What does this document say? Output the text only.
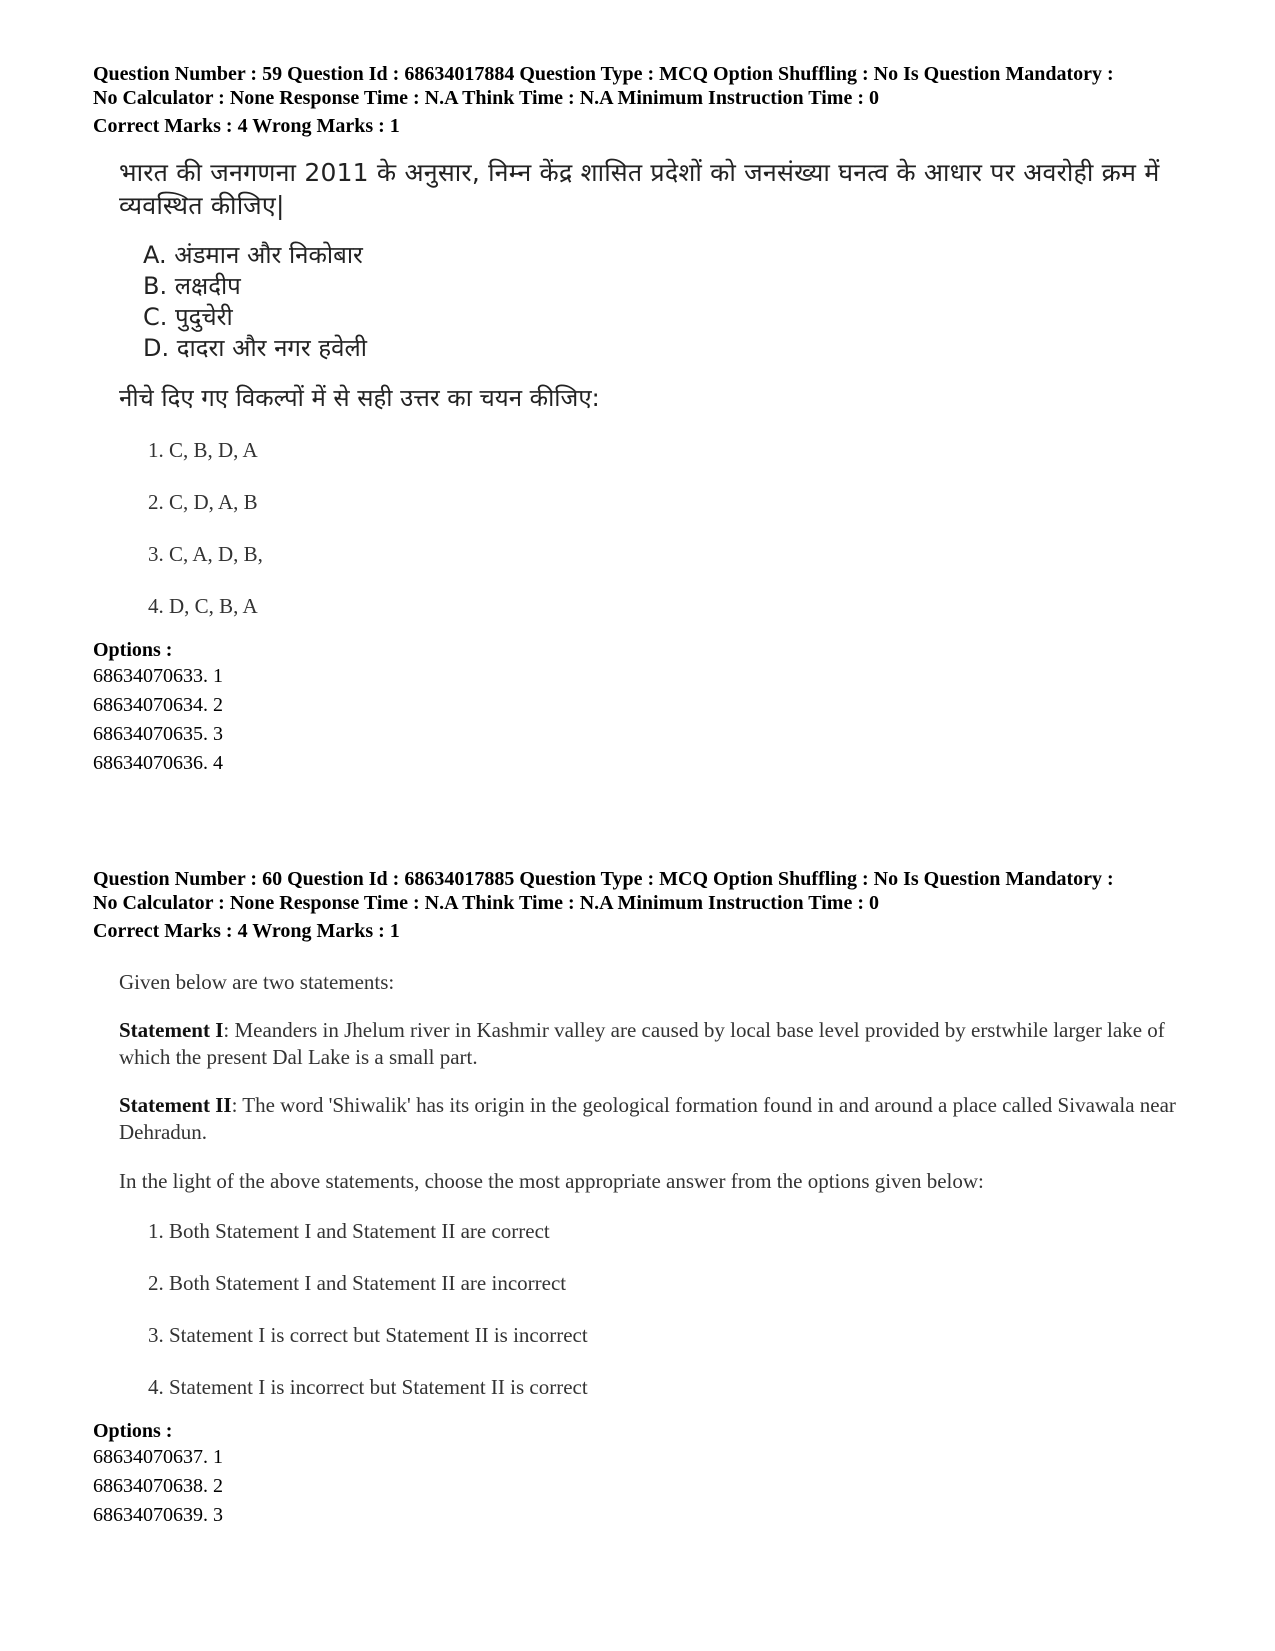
Question Number : 59 Question Id : 68634017884 Question Type : MCQ Option Shuffling : No Is Question Mandatory :
No Calculator : None Response Time : N.A Think Time : N.A Minimum Instruction Time : 0
Correct Marks : 4 Wrong Marks : 1
भारत की जनगणना 2011 के अनुसार, निम्न केंद्र शासित प्रदेशों को जनसंख्या घनत्व के आधार पर अवरोही क्रम में
व्यवस्थित कीजिए|
A. अंडमान और निकोबार
B. लक्षदीप
C. पुदुचेरी
D. दादरा और नगर हवेली
नीचे दिए गए विकल्पों में से सही उत्तर का चयन कीजिए:
1. C, B, D, A
2. C, D, A, B
3. C, A, D, B,
4. D, C, B, A
Options :
68634070633. 1
68634070634. 2
68634070635. 3
68634070636. 4
Question Number : 60 Question Id : 68634017885 Question Type : MCQ Option Shuffling : No Is Question Mandatory :
No Calculator : None Response Time : N.A Think Time : N.A Minimum Instruction Time : 0
Correct Marks : 4 Wrong Marks : 1
Given below are two statements:
Statement I: Meanders in Jhelum river in Kashmir valley are caused by local base level provided by erstwhile larger lake of which the present Dal Lake is a small part.
Statement II: The word 'Shiwalik' has its origin in the geological formation found in and around a place called Sivawala near Dehradun.
In the light of the above statements, choose the most appropriate answer from the options given below:
1. Both Statement I and Statement II are correct
2. Both Statement I and Statement II are incorrect
3. Statement I is correct but Statement II is incorrect
4. Statement I is incorrect but Statement II is correct
Options :
68634070637. 1
68634070638. 2
68634070639. 3
